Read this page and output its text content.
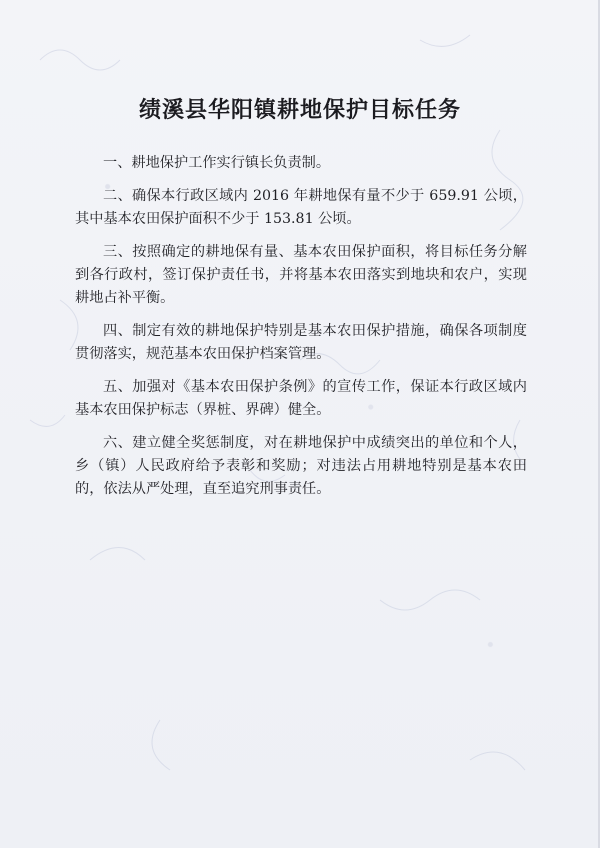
绩溪县华阳镇耕地保护目标任务

一、耕地保护工作实行镇长负责制。

二、确保本行政区域内 2016 年耕地保有量不少于 659.91 公顷，其中基本农田保护面积不少于 153.81 公顷。

三、按照确定的耕地保有量、基本农田保护面积，将目标任务分解到各行政村，签订保护责任书，并将基本农田落实到地块和农户，实现耕地占补平衡。

四、制定有效的耕地保护特别是基本农田保护措施，确保各项制度贯彻落实，规范基本农田保护档案管理。

五、加强对《基本农田保护条例》的宣传工作，保证本行政区域内基本农田保护标志（界桩、界碑）健全。

六、建立健全奖惩制度，对在耕地保护中成绩突出的单位和个人，乡（镇）人民政府给予表彰和奖励；对违法占用耕地特别是基本农田的，依法从严处理，直至追究刑事责任。
